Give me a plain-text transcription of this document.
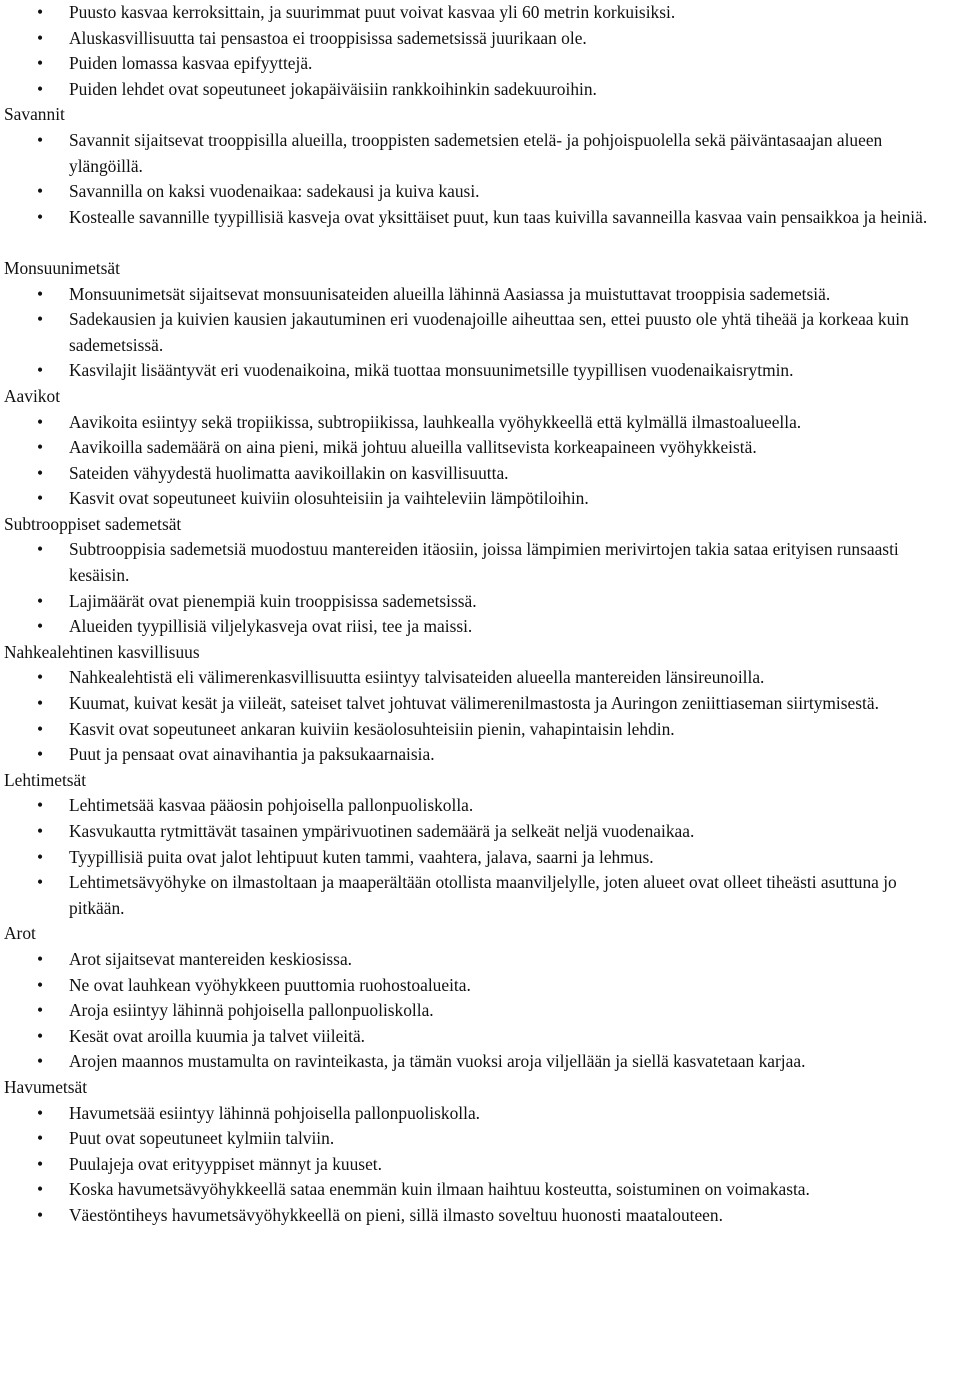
• Puusto kasvaa kerroksittain, ja suurimmat puut voivat kasvaa yli 60 metrin korkuisiksi.
• Aluskasvillisuutta tai pensastoa ei trooppisissa sademetsissä juurikaan ole.
• Puiden lomassa kasvaa epifyyttejä.
• Puiden lehdet ovat sopeutuneet jokapäiväisiin rankkoihinkin sadekuuroihin.
Savannit
• Savannit sijaitsevat trooppisilla alueilla, trooppisten sademetsien etelä- ja pohjoispuolella sekä päiväntasaajan alueen ylängöillä.
• Savannilla on kaksi vuodenaikaa: sadekausi ja kuiva kausi.
• Kostealle savannille tyypillisiä kasveja ovat yksittäiset puut, kun taas kuivilla savanneilla kasvaa vain pensaikkoa ja heiniä.
Monsuunimetsät
• Monsuunimetsät sijaitsevat monsuunisateiden alueilla lähinnä Aasiassa ja muistuttavat trooppisia sademetsiä.
• Sadekausien ja kuivien kausien jakautuminen eri vuodenajoille aiheuttaa sen, ettei puusto ole yhtä tiheää ja korkeaa kuin sademetsissä.
• Kasvilajit lisääntyvät eri vuodenaikoina, mikä tuottaa monsuunimetsille tyypillisen vuodenaikaisrytmin.
Aavikot
• Aavikoita esiintyy sekä tropiikissa, subtropiikissa, lauhkealla vyöhykkeellä että kylmällä ilmastoalueella.
• Aavikoilla sademäärä on aina pieni, mikä johtuu alueilla vallitsevista korkeapaineen vyöhykkeistä.
• Sateiden vähyydestä huolimatta aavikoillakin on kasvillisuutta.
• Kasvit ovat sopeutuneet kuiviin olosuhteisiin ja vaihteleviin lämpötiloihin.
Subtrooppiset sademetsät
• Subtrooppisia sademetsiä muodostuu mantereiden itäosiin, joissa lämpimien merivirtojen takia sataa erityisen runsaasti kesäisin.
• Lajimäärät ovat pienempiä kuin trooppisissa sademetsissä.
• Alueiden tyypillisiä viljelykasveja ovat riisi, tee ja maissi.
Nahkealehtinen kasvillisuus
• Nahkealehtistä eli välimerenkasvillisuutta esiintyy talvisateiden alueella mantereiden länsireunoilla.
• Kuumat, kuivat kesät ja viileät, sateiset talvet johtuvat välimerenilmastosta ja Auringon zeniittiaseman siirtymisestä.
• Kasvit ovat sopeutuneet ankaran kuiviin kesäolosuhteisiin pienin, vahapintaisin lehdin.
• Puut ja pensaat ovat ainavihantia ja paksukaarnaisia.
Lehtimetsät
• Lehtimetsää kasvaa pääosin pohjoisella pallonpuoliskolla.
• Kasvukautta rytmittävät tasainen ympärivuotinen sademäärä ja selkeät neljä vuodenaikaa.
• Tyypillisiä puita ovat jalot lehtipuut kuten tammi, vaahtera, jalava, saarni ja lehmus.
• Lehtimetsävyöhyke on ilmastoltaan ja maaperältään otollista maanviljelylle, joten alueet ovat olleet tiheästi asuttuna jo pitkään.
Arot
• Arot sijaitsevat mantereiden keskiosissa.
• Ne ovat lauhkean vyöhykkeen puuttomia ruohostoalueita.
• Aroja esiintyy lähinnä pohjoisella pallonpuoliskolla.
• Kesät ovat aroilla kuumia ja talvet viileitä.
• Arojen maannos mustamulta on ravinteikasta, ja tämän vuoksi aroja viljellään ja siellä kasvatetaan karjaa.
Havumetsät
• Havumetsää esiintyy lähinnä pohjoisella pallonpuoliskolla.
• Puut ovat sopeutuneet kylmiin talviin.
• Puulajeja ovat erityyppiset männyt ja kuuset.
• Koska havumetsävyöhykkeellä sataa enemmän kuin ilmaan haihtuu kosteutta, soistuminen on voimakasta.
• Väestöntiheys havumetsävyöhykkeellä on pieni, sillä ilmasto soveltuu huonosti maatalouteen.
